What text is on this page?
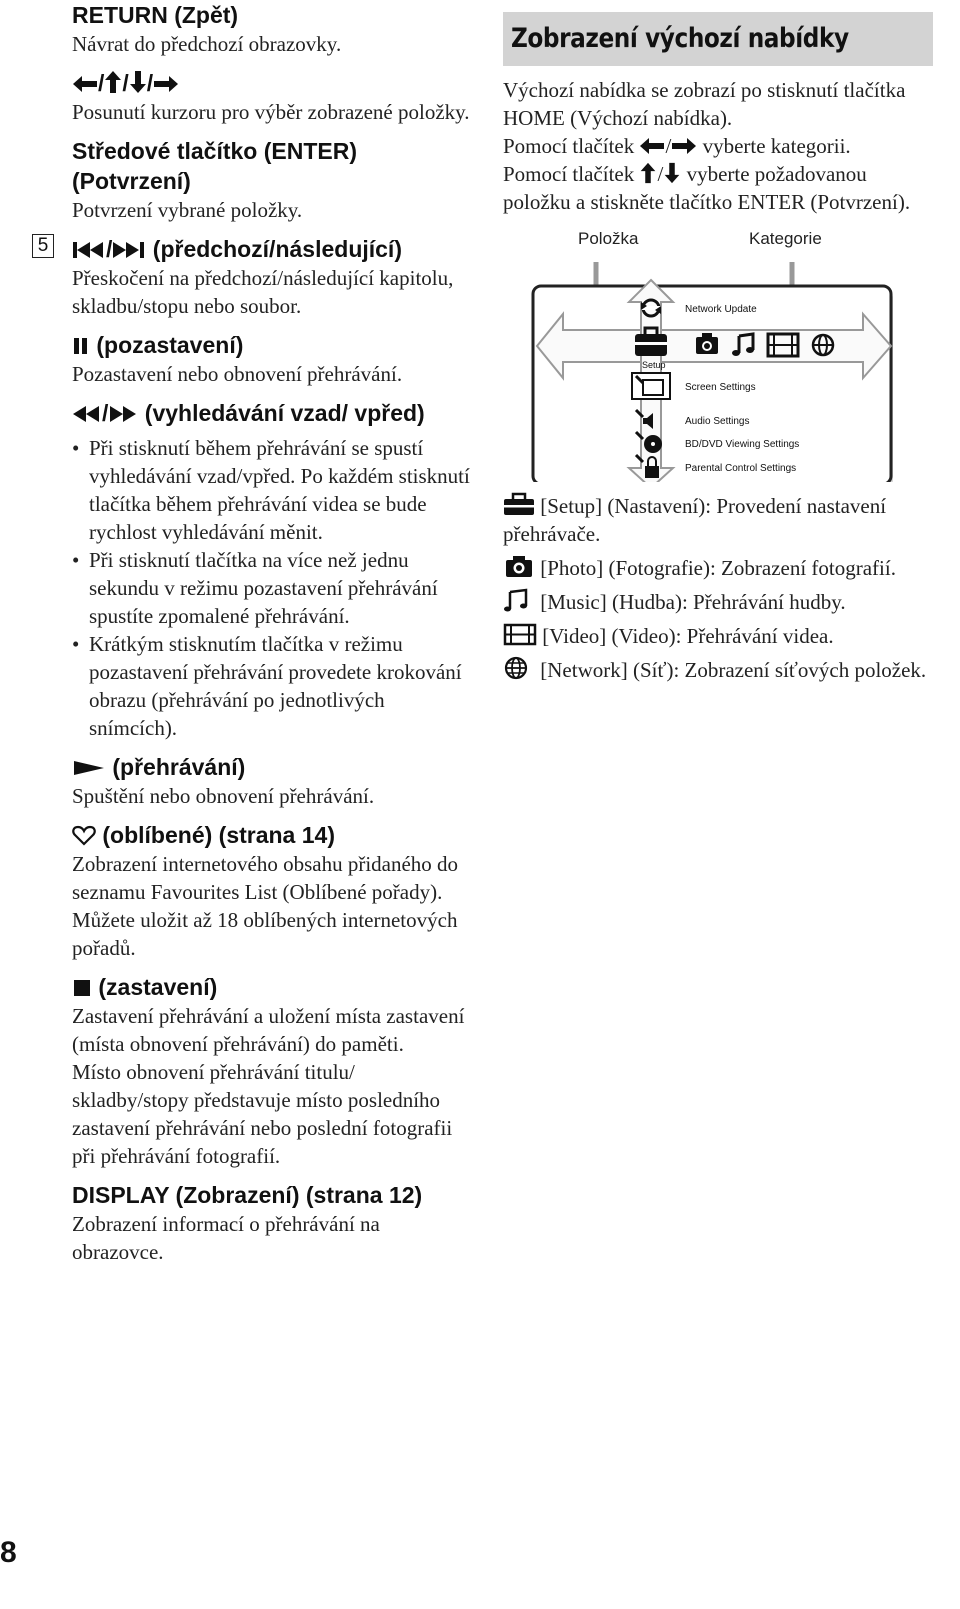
RETURN (Zpět)
Návrat do předchozí obrazovky.
/ / /
Posunutí kurzoru pro výběr zobrazené položky.
Středové tlačítko (ENTER) (Potvrzení)
Potvrzení vybrané položky.
5	/ (předchozí/následující)
Přeskočení na předchozí/následující kapitolu, skladbu/stopu nebo soubor.
(pozastavení)
Pozastavení nebo obnovení přehrávání.
/ (vyhledávání vzad/ vpřed)
• Při stisknutí během přehrávání se spustí vyhledávání vzad/vpřed. Po každém stisknutí tlačítka během přehrávání videa se bude rychlost vyhledávání měnit.
• Při stisknutí tlačítka na více než jednu sekundu v režimu pozastavení přehrávání spustíte zpomalené přehrávání.
• Krátkým stisknutím tlačítka v režimu pozastavení přehrávání provedete krokování obrazu (přehrávání po jednotlivých snímcích).
(přehrávání)
Spuštění nebo obnovení přehrávání.
(oblíbené) (strana 14)
Zobrazení internetového obsahu přidaného do seznamu Favourites List (Oblíbené pořady). Můžete uložit až 18 oblíbených internetových pořadů.
(zastavení)
Zastavení přehrávání a uložení místa zastavení (místa obnovení přehrávání) do paměti.
Místo obnovení přehrávání titulu/ skladby/stopy představuje místo posledního zastavení přehrávání nebo poslední fotografii při přehrávání fotografií.
DISPLAY (Zobrazení) (strana 12)
Zobrazení informací o přehrávání na obrazovce.
Zobrazení výchozí nabídky
Výchozí nabídka se zobrazí po stisknutí tlačítka HOME (Výchozí nabídka).
Pomocí tlačítek / vyberte kategorii.
Pomocí tlačítek / vyberte požadovanou položku a stiskněte tlačítko ENTER (Potvrzení).
Položka	Kategorie
Network Update
Setup
Screen Settings
Audio Settings
BD/DVD Viewing Settings
Parental Control Settings
[Setup] (Nastavení): Provedení nastavení přehrávače.
[Photo] (Fotografie): Zobrazení fotografií.
[Music] (Hudba): Přehrávání hudby.
[Video] (Video): Přehrávání videa.
[Network] (Síť): Zobrazení síťových položek.
8
